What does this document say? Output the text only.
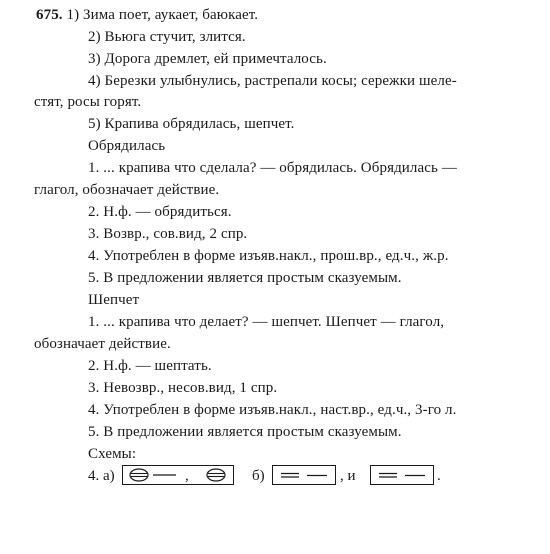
675. 1) Зима поет, аукает, баюкает.
2) Вьюга стучит, злится.
3) Дорога дремлет, ей примечталось.
4) Березки улыбнулись, растрепали косы; сережки шеле-
стят, росы горят.
5) Крапива обрядилась, шепчет.
Обрядилась
1. ... крапива что сделала? — обрядилась. Обрядилась —
глагол, обозначает действие.
2. Н.ф. — обрядиться.
3. Возвр., сов.вид, 2 спр.
4. Употреблен в форме изъяв.накл., прош.вр., ед.ч., ж.р.
5. В предложении является простым сказуемым.
Шепчет
1. ... крапива что делает? — шепчет. Шепчет — глагол,
обозначает действие.
2. Н.ф. — шептать.
3. Невозвр., несов.вид, 1 спр.
4. Употреблен в форме изъяв.накл., наст.вр., ед.ч., 3-го л.
5. В предложении является простым сказуемым.
Схемы:
4. а)	,	б)	, и	.
